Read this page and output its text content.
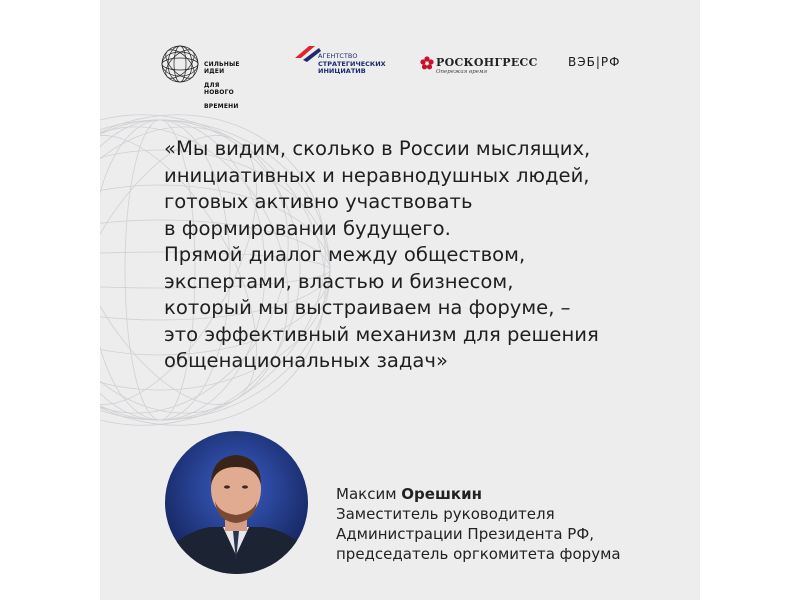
СИЛЬНЫЕ ИДЕИ

ДЛЯ НОВОГО

ВРЕМЕНИ

АГЕНТСТВО
СТРАТЕГИЧЕСКИХ
ИНИЦИАТИВ
РОСКОНГРЕСС
Опережая время
ВЭБ|РФ
«Мы видим, сколько в России мыслящих,
инициативных и неравнодушных людей,
готовых активно участвовать
в формировании будущего.
Прямой диалог между обществом,
экспертами, властью и бизнесом,
который мы выстраиваем на форуме, –
это эффективный механизм для решения
общенациональных задач»
Максим Орешкин
Заместитель руководителя
Администрации Президента РФ,
председатель оргкомитета форума
